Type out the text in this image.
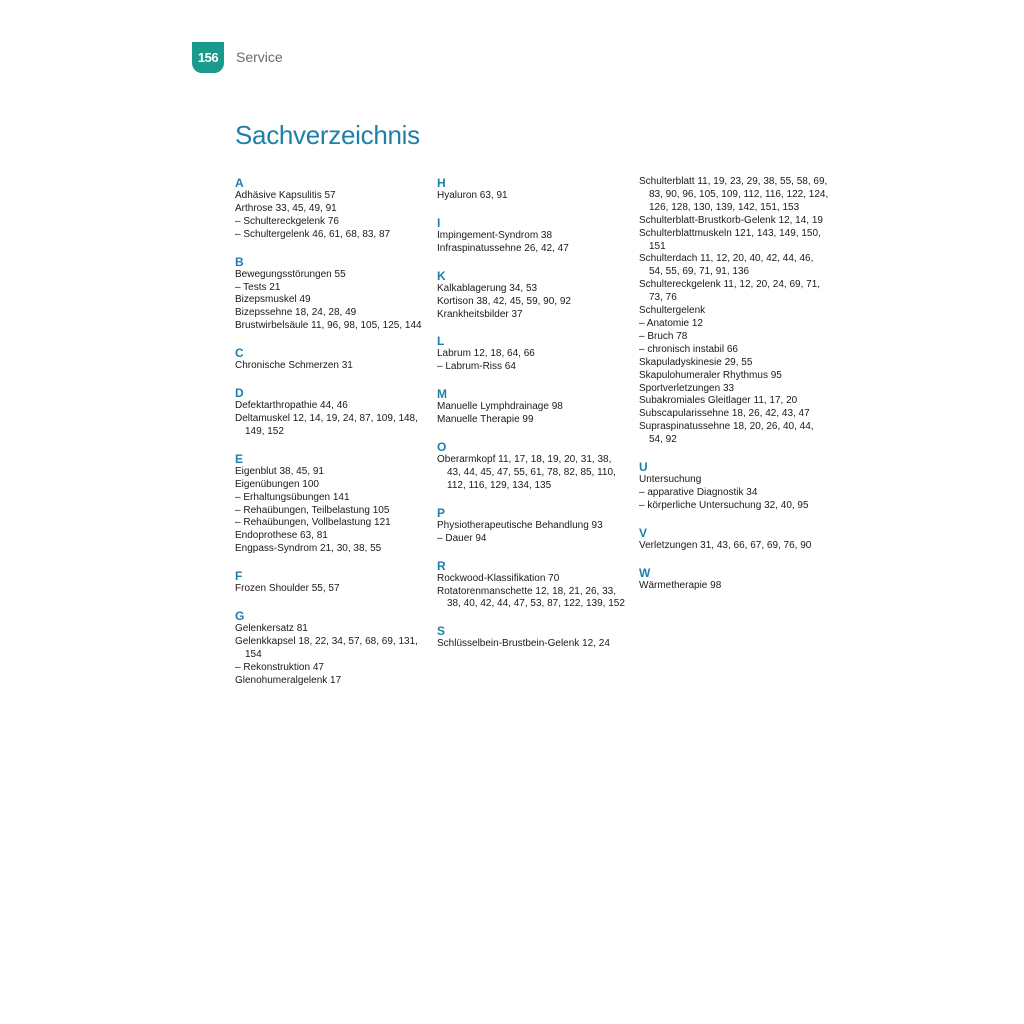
156	Service
Sachverzeichnis
A
Adhäsive Kapsulitis 57
Arthrose 33, 45, 49, 91
– Schultereckgelenk 76
– Schultergelenk 46, 61, 68, 83, 87
B
Bewegungsstörungen 55
– Tests 21
Bizepsmuskel 49
Bizepssehne 18, 24, 28, 49
Brustwirbelsäule 11, 96, 98, 105, 125, 144
C
Chronische Schmerzen 31
D
Defektarthropathie 44, 46
Deltamuskel 12, 14, 19, 24, 87, 109, 148, 149, 152
E
Eigenblut 38, 45, 91
Eigenübungen 100
– Erhaltungsübungen 141
– Rehaübungen, Teilbelastung 105
– Rehaübungen, Vollbelastung 121
Endoprothese 63, 81
Engpass-Syndrom 21, 30, 38, 55
F
Frozen Shoulder 55, 57
G
Gelenkersatz 81
Gelenkkapsel 18, 22, 34, 57, 68, 69, 131, 154
– Rekonstruktion 47
Glenohumeralgelenk 17
H
Hyaluron 63, 91
I
Impingement-Syndrom 38
Infraspinatussehne 26, 42, 47
K
Kalkablagerung 34, 53
Kortison 38, 42, 45, 59, 90, 92
Krankheitsbilder 37
L
Labrum 12, 18, 64, 66
– Labrum-Riss 64
M
Manuelle Lymphdrainage 98
Manuelle Therapie 99
O
Oberarmkopf 11, 17, 18, 19, 20, 31, 38, 43, 44, 45, 47, 55, 61, 78, 82, 85, 110, 112, 116, 129, 134, 135
P
Physiotherapeutische Behandlung 93
– Dauer 94
R
Rockwood-Klassifikation 70
Rotatorenmanschette 12, 18, 21, 26, 33, 38, 40, 42, 44, 47, 53, 87, 122, 139, 152
S
Schlüsselbein-Brustbein-Gelenk 12, 24
Schulterblatt 11, 19, 23, 29, 38, 55, 58, 69, 83, 90, 96, 105, 109, 112, 116, 122, 124, 126, 128, 130, 139, 142, 151, 153
Schulterblatt-Brustkorb-Gelenk 12, 14, 19
Schulterblattmuskeln 121, 143, 149, 150, 151
Schulterdach 11, 12, 20, 40, 42, 44, 46, 54, 55, 69, 71, 91, 136
Schultereckgelenk 11, 12, 20, 24, 69, 71, 73, 76
Schultergelenk
– Anatomie 12
– Bruch 78
– chronisch instabil 66
Skapuladyskinesie 29, 55
Skapulohumeraler Rhythmus 95
Sportverletzungen 33
Subakromiales Gleitlager 11, 17, 20
Subscapularissehne 18, 26, 42, 43, 47
Supraspinatussehne 18, 20, 26, 40, 44, 54, 92
U
Untersuchung
– apparative Diagnostik 34
– körperliche Untersuchung 32, 40, 95
V
Verletzungen 31, 43, 66, 67, 69, 76, 90
W
Wärmetherapie 98
